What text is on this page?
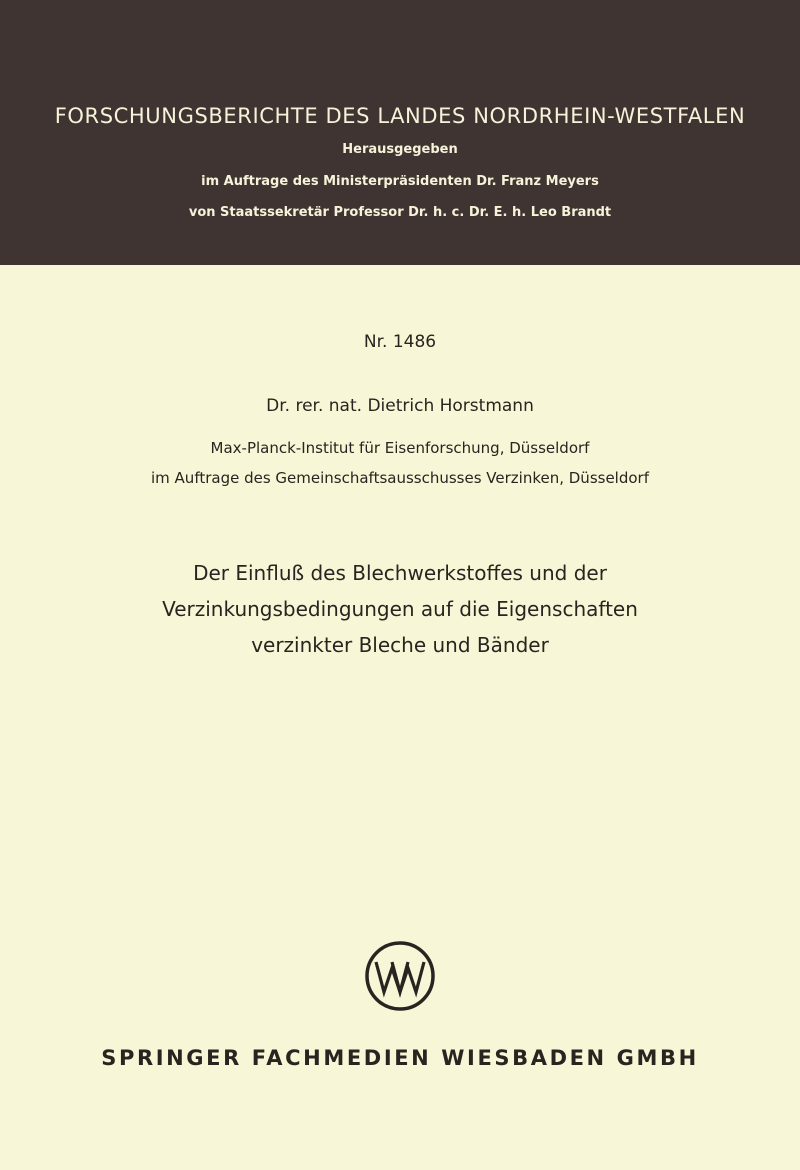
FORSCHUNGSBERICHTE DES LANDES NORDRHEIN-WESTFALEN
Herausgegeben
im Auftrage des Ministerpräsidenten Dr. Franz Meyers
von Staatssekretär Professor Dr. h. c. Dr. E. h. Leo Brandt
Nr. 1486
Dr. rer. nat. Dietrich Horstmann
Max-Planck-Institut für Eisenforschung, Düsseldorf
im Auftrage des Gemeinschaftsausschusses Verzinken, Düsseldorf
Der Einfluß des Blechwerkstoffes und der
Verzinkungsbedingungen auf die Eigenschaften
verzinkter Bleche und Bänder
SPRINGER FACHMEDIEN WIESBADEN GMBH
